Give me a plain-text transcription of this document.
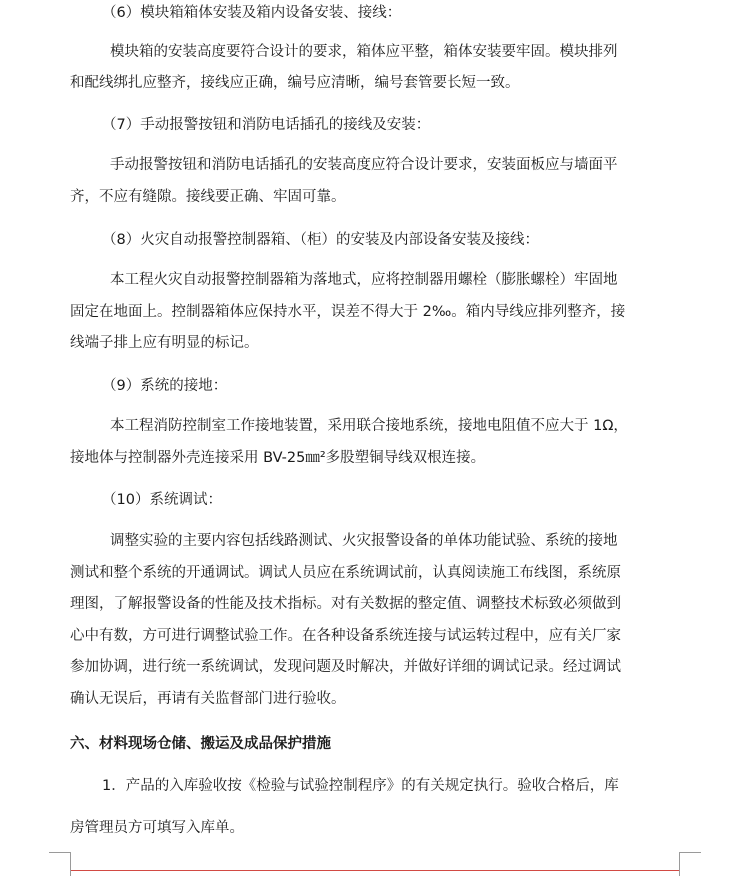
（6）模块箱箱体安装及箱内设备安装、接线：
模块箱的安装高度要符合设计的要求，箱体应平整，箱体安装要牢固。模块排列
和配线绑扎应整齐，接线应正确，编号应清晰，编号套管要长短一致。
（7）手动报警按钮和消防电话插孔的接线及安装：
手动报警按钮和消防电话插孔的安装高度应符合设计要求，安装面板应与墙面平
齐，不应有缝隙。接线要正确、牢固可靠。
（8）火灾自动报警控制器箱、（柜）的安装及内部设备安装及接线：
本工程火灾自动报警控制器箱为落地式，应将控制器用螺栓（膨胀螺栓）牢固地
固定在地面上。控制器箱体应保持水平，误差不得大于 2‰。箱内导线应排列整齐，接
线端子排上应有明显的标记。
（9）系统的接地：
本工程消防控制室工作接地装置，采用联合接地系统，接地电阻值不应大于 1Ω，
接地体与控制器外壳连接采用 BV-25㎜²多股塑铜导线双根连接。
（10）系统调试：
调整实验的主要内容包括线路测试、火灾报警设备的单体功能试验、系统的接地
测试和整个系统的开通调试。调试人员应在系统调试前，认真阅读施工布线图，系统原
理图，了解报警设备的性能及技术指标。对有关数据的整定值、调整技术标致必须做到
心中有数，方可进行调整试验工作。在各种设备系统连接与试运转过程中，应有关厂家
参加协调，进行统一系统调试，发现问题及时解决，并做好详细的调试记录。经过调试
确认无误后，再请有关监督部门进行验收。
六、材料现场仓储、搬运及成品保护措施
1．产品的入库验收按《检验与试验控制程序》的有关规定执行。验收合格后，库
房管理员方可填写入库单。
